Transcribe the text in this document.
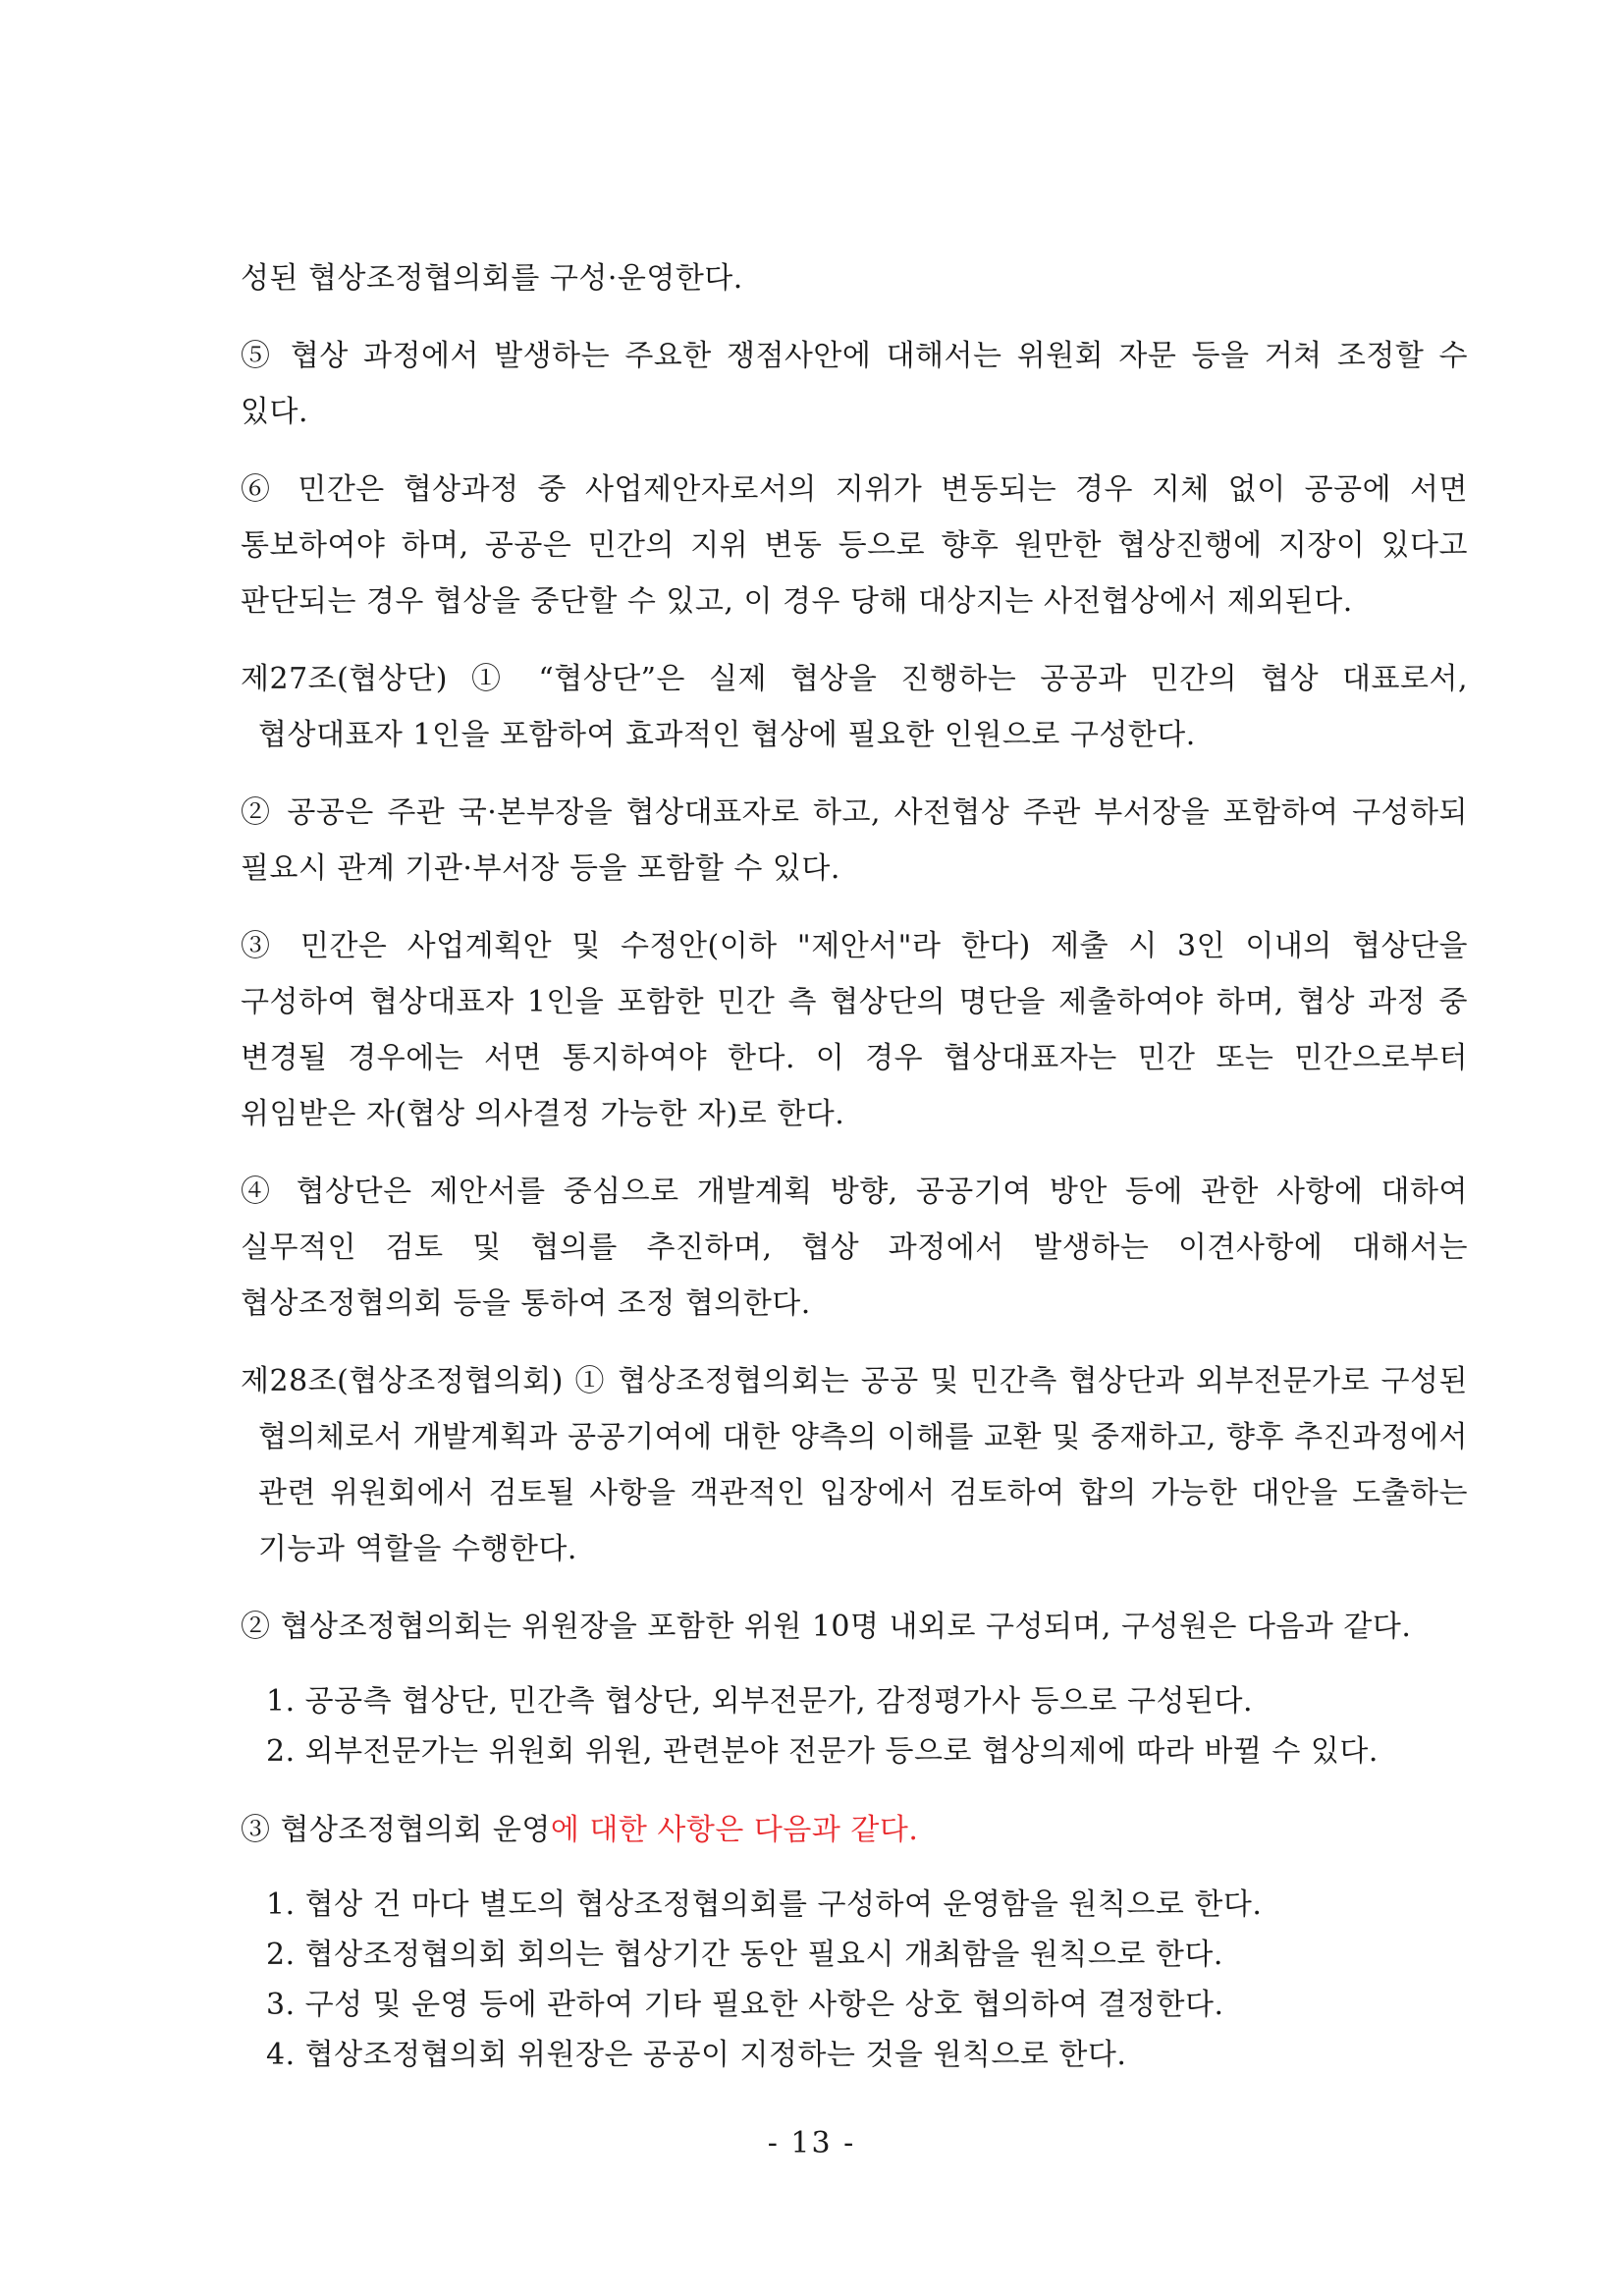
성된 협상조정협의회를 구성·운영한다.

⑤ 협상 과정에서 발생하는 주요한 쟁점사안에 대해서는 위원회 자문 등을 거쳐 조정할 수 있다.

⑥ 민간은 협상과정 중 사업제안자로서의 지위가 변동되는 경우 지체 없이 공공에 서면 통보하여야 하며, 공공은 민간의 지위 변동 등으로 향후 원만한 협상진행에 지장이 있다고 판단되는 경우 협상을 중단할 수 있고, 이 경우 당해 대상지는 사전협상에서 제외된다.

제27조(협상단) ① “협상단”은 실제 협상을 진행하는 공공과 민간의 협상 대표로서, 협상대표자 1인을 포함하여 효과적인 협상에 필요한 인원으로 구성한다.

② 공공은 주관 국·본부장을 협상대표자로 하고, 사전협상 주관 부서장을 포함하여 구성하되 필요시 관계 기관·부서장 등을 포함할 수 있다.

③ 민간은 사업계획안 및 수정안(이하 "제안서"라 한다) 제출 시 3인 이내의 협상단을 구성하여 협상대표자 1인을 포함한 민간 측 협상단의 명단을 제출하여야 하며, 협상 과정 중 변경될 경우에는 서면 통지하여야 한다. 이 경우 협상대표자는 민간 또는 민간으로부터 위임받은 자(협상 의사결정 가능한 자)로 한다.

④ 협상단은 제안서를 중심으로 개발계획 방향, 공공기여 방안 등에 관한 사항에 대하여 실무적인 검토 및 협의를 추진하며, 협상 과정에서 발생하는 이견사항에 대해서는 협상조정협의회 등을 통하여 조정 협의한다.

제28조(협상조정협의회) ① 협상조정협의회는 공공 및 민간측 협상단과 외부전문가로 구성된 협의체로서 개발계획과 공공기여에 대한 양측의 이해를 교환 및 중재하고, 향후 추진과정에서 관련 위원회에서 검토될 사항을 객관적인 입장에서 검토하여 합의 가능한 대안을 도출하는 기능과 역할을 수행한다.

② 협상조정협의회는 위원장을 포함한 위원 10명 내외로 구성되며, 구성원은 다음과 같다.

1. 공공측 협상단, 민간측 협상단, 외부전문가, 감정평가사 등으로 구성된다.
2. 외부전문가는 위원회 위원, 관련분야 전문가 등으로 협상의제에 따라 바뀔 수 있다.

③ 협상조정협의회 운영에 대한 사항은 다음과 같다.

1. 협상 건 마다 별도의 협상조정협의회를 구성하여 운영함을 원칙으로 한다.
2. 협상조정협의회 회의는 협상기간 동안 필요시 개최함을 원칙으로 한다.
3. 구성 및 운영 등에 관하여 기타 필요한 사항은 상호 협의하여 결정한다.
4. 협상조정협의회 위원장은 공공이 지정하는 것을 원칙으로 한다.
- 13 -
